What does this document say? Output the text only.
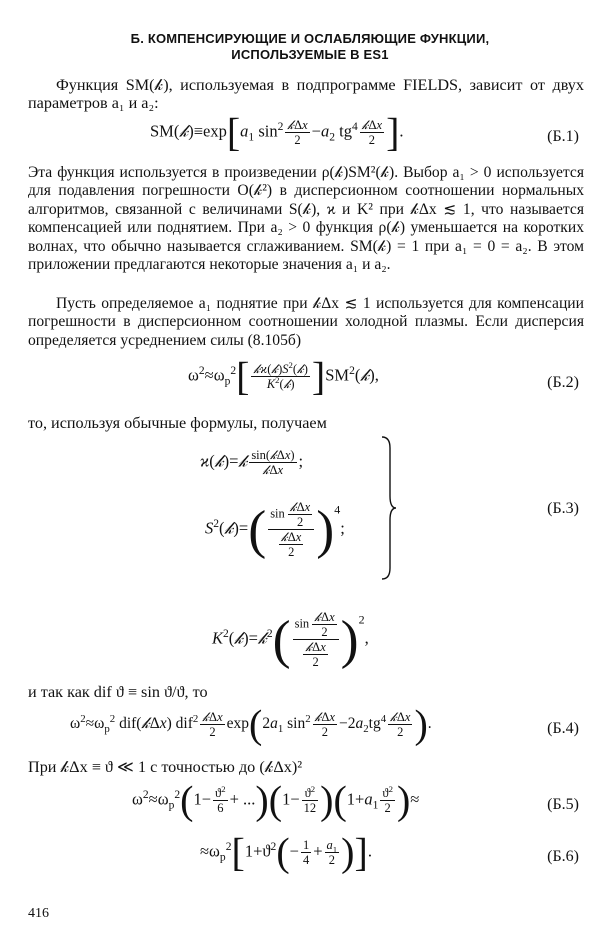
Б. КОМПЕНСИРУЮЩИЕ И ОСЛАБЛЯЮЩИЕ ФУНКЦИИ,
ИСПОЛЬЗУЕМЫЕ В ES1
Функция SM(𝓀), используемая в подпрограмме FIELDS, зависит от двух параметров a₁ и a₂:
$SM(𝓀)\equiv\exp[a_1$ $\sin^2 \frac{\text{𝓀Δx}}{2} -a_2$ $tg^4 \frac{\text{𝓀Δx}}{2}$ ].	(Б.1)
Эта функция используется в произведении ρ(𝓀)SM²(𝓀). Выбор a₁ > 0 используется для подавления погрешности O(𝓀²) в дисперсионном соотношении нормальных алгоритмов, связанной с величинами S(𝓀), ϰ и K² при 𝓀Δx ≲ 1, что называется компенсацией или поднятием. При a₂ > 0 функция ρ(𝓀) уменьшается на коротких волнах, что обычно называется сглаживанием. SM(𝓀) = 1 при a₁ = 0 = a₂. В этом приложении предлагаются некоторые значения a₁ и a₂.
Пусть определяемое a₁ поднятие при 𝓀Δx ≲ 1 используется для компенсации погрешности в дисперсионном соотношении холодной плазмы. Если дисперсия определяется усреднением силы (8.105б)
$\omega^2\approx\omega_p^2[ \frac{𝓀ϰ(𝓀)S^2(𝓀)}{K^2(𝓀)}$ ]$SM^2(𝓀)$,	(Б.2)
то, используя обычные формулы, получаем
ϰ(𝓀)=𝓀 $\frac{\text{sin(𝓀Δx)}}{\text{𝓀Δx}}$ ;
$S^2(𝓀)=( \frac{\sin \frac{\text{𝓀Δx}}{2}}{\frac{\text{𝓀Δx}}{2}} )^4$;
(Б.3)
$K^2(𝓀)=𝓀^2( \frac{\sin \frac{\text{𝓀Δx}}{2}}{\frac{\text{𝓀Δx}}{2}} )^2$,
и так как dif ϑ ≡ sin ϑ/ϑ, то
$\omega^2\approx\omega_p^2$ dif(𝓀Δx) $dif^2 \frac{\text{𝓀Δx}}{2} \exp(2a_1$ $\sin^2 \frac{\text{𝓀Δx}}{2} -2a_2tg^4 \frac{\text{𝓀Δx}}{2}$ ).	(Б.4)
При 𝓀Δx ≡ ϑ ≪ 1 с точностью до (𝓀Δx)²
$\omega^2\approx\omega_p^2(1- \frac{ϑ^2}{6} + ...)(1- \frac{ϑ^2}{12} )(1+a_1 \frac{ϑ^2}{2}$ )≈	(Б.5)
$\approx\omega_p^2[1+ϑ^2(- \frac{1}{4} + \frac{a_1}{2}$ )].	(Б.6)
416
